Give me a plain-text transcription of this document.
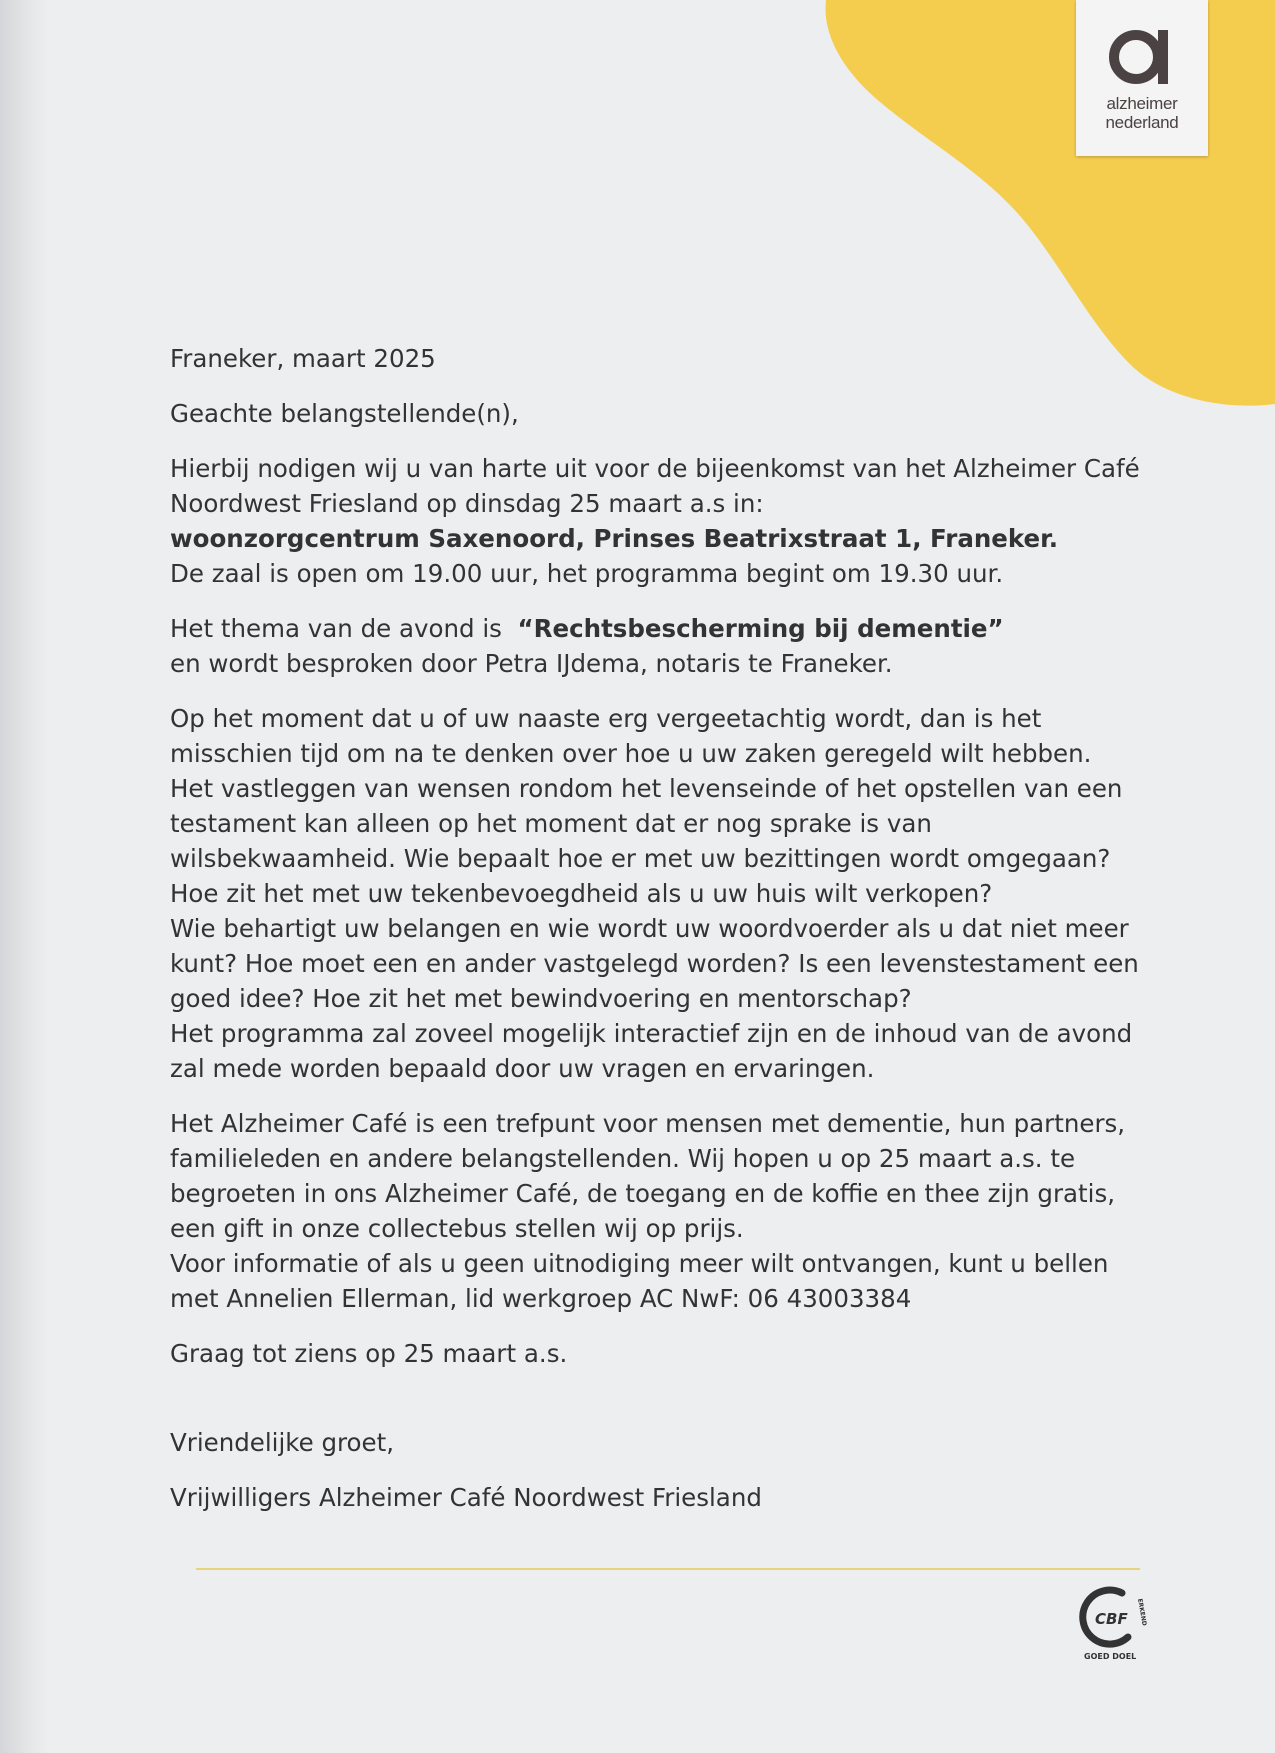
alzheimer
nederland

Franeker, maart 2025

Geachte belangstellende(n),

Hierbij nodigen wij u van harte uit voor de bijeenkomst van het Alzheimer Café
Noordwest Friesland op dinsdag 25 maart a.s in:
woonzorgcentrum Saxenoord, Prinses Beatrixstraat 1, Franeker.
De zaal is open om 19.00 uur, het programma begint om 19.30 uur.

Het thema van de avond is  “Rechtsbescherming bij dementie”
en wordt besproken door Petra IJdema, notaris te Franeker.

Op het moment dat u of uw naaste erg vergeetachtig wordt, dan is het
misschien tijd om na te denken over hoe u uw zaken geregeld wilt hebben.
Het vastleggen van wensen rondom het levenseinde of het opstellen van een
testament kan alleen op het moment dat er nog sprake is van
wilsbekwaamheid. Wie bepaalt hoe er met uw bezittingen wordt omgegaan?
Hoe zit het met uw tekenbevoegdheid als u uw huis wilt verkopen?
Wie behartigt uw belangen en wie wordt uw woordvoerder als u dat niet meer
kunt? Hoe moet een en ander vastgelegd worden? Is een levenstestament een
goed idee? Hoe zit het met bewindvoering en mentorschap?
Het programma zal zoveel mogelijk interactief zijn en de inhoud van de avond
zal mede worden bepaald door uw vragen en ervaringen.

Het Alzheimer Café is een trefpunt voor mensen met dementie, hun partners,
familieleden en andere belangstellenden. Wij hopen u op 25 maart a.s. te
begroeten in ons Alzheimer Café, de toegang en de koffie en thee zijn gratis,
een gift in onze collectebus stellen wij op prijs.
Voor informatie of als u geen uitnodiging meer wilt ontvangen, kunt u bellen
met Annelien Ellerman, lid werkgroep AC NwF: 06 43003384

Graag tot ziens op 25 maart a.s.

Vriendelijke groet,

Vrijwilligers Alzheimer Café Noordwest Friesland

CBF ERKEND
GOED DOEL
